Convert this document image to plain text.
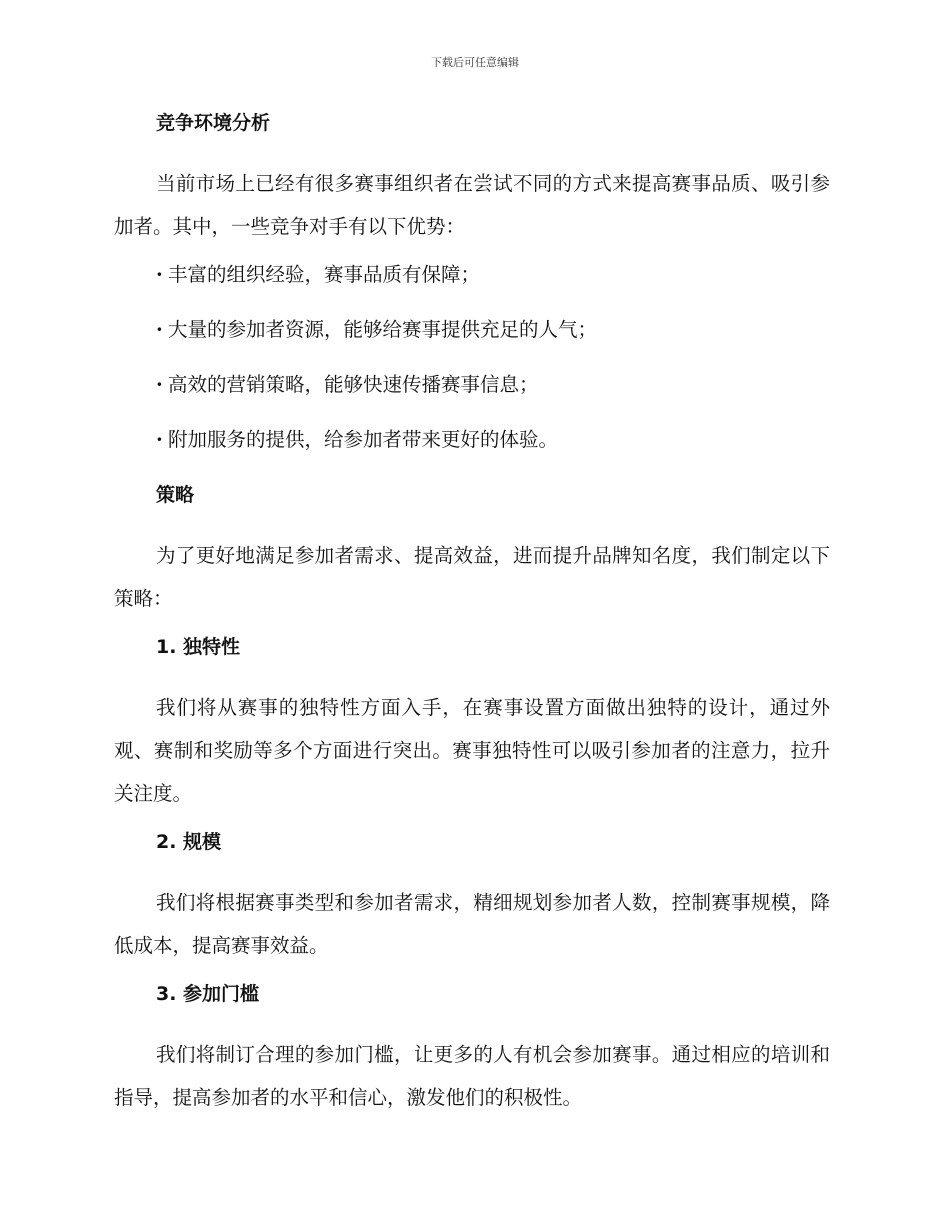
下载后可任意编辑
竞争环境分析

当前市场上已经有很多赛事组织者在尝试不同的方式来提高赛事品质、吸引参加者。其中，一些竞争对手有以下优势：

· 丰富的组织经验，赛事品质有保障；
· 大量的参加者资源，能够给赛事提供充足的人气；
· 高效的营销策略，能够快速传播赛事信息；
· 附加服务的提供，给参加者带来更好的体验。
策略

为了更好地满足参加者需求、提高效益，进而提升品牌知名度，我们制定以下策略：

1. 独特性

我们将从赛事的独特性方面入手，在赛事设置方面做出独特的设计，通过外观、赛制和奖励等多个方面进行突出。赛事独特性可以吸引参加者的注意力，拉升关注度。

2. 规模

我们将根据赛事类型和参加者需求，精细规划参加者人数，控制赛事规模，降低成本，提高赛事效益。

3. 参加门槛

我们将制订合理的参加门槛，让更多的人有机会参加赛事。通过相应的培训和指导，提高参加者的水平和信心，激发他们的积极性。
